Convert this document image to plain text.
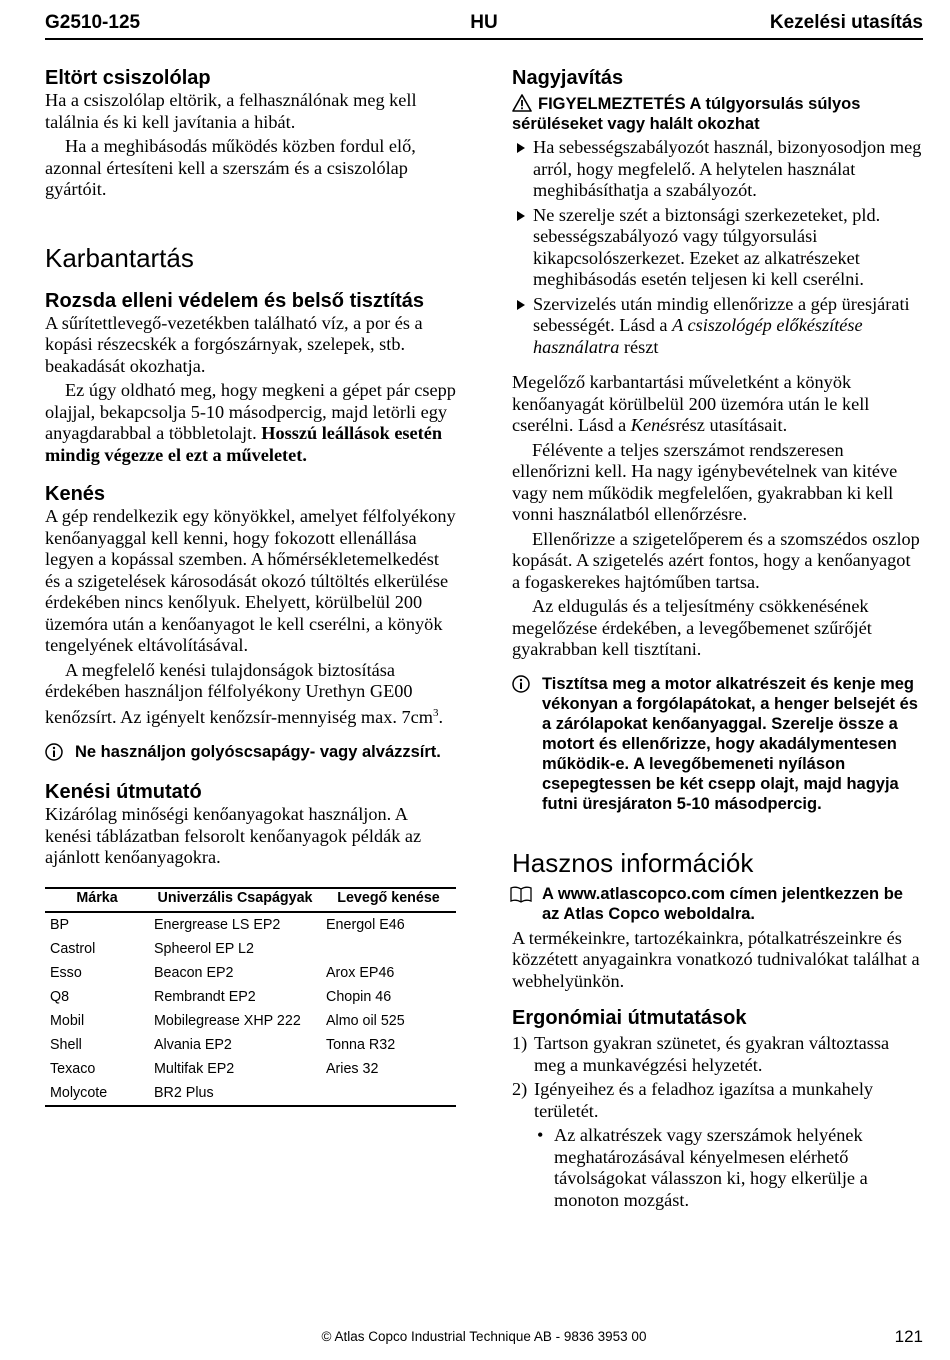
G2510-125	HU	Kezelési utasítás
Eltört csiszolólap

Ha a csiszolólap eltörik, a felhasználónak meg kell találnia és ki kell javítania a hibát.

Ha a meghibásodás működés közben fordul elő, azonnal értesíteni kell a szerszám és a csiszolólap gyártóit.

Karbantartás
Rozsda elleni védelem és belső tisztítás

A sűrítettlevegő-vezetékben található víz, a por és a kopási részecskék a forgószárnyak, szelepek, stb. beakadását okozhatja.

Ez úgy oldható meg, hogy megkeni a gépet pár csepp olajjal, bekapcsolja 5-10 másodpercig, majd letörli egy anyagdarabbal a többletolajt. Hosszú leállások esetén mindig végezze el ezt a műveletet.

Kenés

A gép rendelkezik egy könyökkel, amelyet félfolyékony kenőanyaggal kell kenni, hogy fokozott ellenállása legyen a kopással szemben. A hőmérsékletemelkedést és a szigetelések károsodását okozó túltöltés elkerülése érdekében nincs kenőlyuk. Ehelyett, körülbelül 200 üzemóra után a kenőanyagot le kell cserélni, a könyök tengelyének eltávolításával.

A megfelelő kenési tulajdonságok biztosítása érdekében használjon félfolyékony Urethyn GE00 kenőzsírt. Az igényelt kenőzsír-mennyiség max. $7cm^3$.

Ne használjon golyóscsapágy- vagy alvázzsírt.
Kenési útmutató

Kizárólag minőségi kenőanyagokat használjon. A kenési táblázatban felsorolt kenőanyagok példák az ajánlott kenőanyagokra.

Márka	Univerzális Csapágyak	Levegő kenése
BP	Energrease LS EP2	Energol E46
Castrol	Spheerol EP L2	
Esso	Beacon EP2	Arox EP46
Q8	Rembrandt EP2	Chopin 46
Mobil	Mobilegrease XHP 222	Almo oil 525
Shell	Alvania EP2	Tonna R32
Texaco	Multifak EP2	Aries 32
Molycote	BR2 Plus	
Nagyjavítás
FIGYELMEZTETÉS A túlgyorsulás súlyos sérüléseket vagy halált okozhat
Ha sebességszabályozót használ, bizonyosodjon meg arról, hogy megfelelő. A helytelen használat meghibásíthatja a szabályozót.
Ne szerelje szét a biztonsági szerkezeteket, pld. sebességszabályozó vagy túlgyorsulási kikapcsolószerkezet. Ezeket az alkatrészeket meghibásodás esetén teljesen ki kell cserélni.
Szervizelés után mindig ellenőrizze a gép üresjárati sebességét. Lásd a A csiszológép előkészítése használatra részt

Megelőző karbantartási műveletként a könyök kenőanyagát körülbelül 200 üzemóra után le kell cserélni. Lásd a Kenésrész utasításait.

Félévente a teljes szerszámot rendszeresen ellenőrizni kell. Ha nagy igénybevételnek van kitéve vagy nem működik megfelelően, gyakrabban ki kell vonni használatból ellenőrzésre.

Ellenőrizze a szigetelőperem és a szomszédos oszlop kopását. A szigetelés azért fontos, hogy a kenőanyagot a fogaskerekes hajtóműben tartsa.

Az eldugulás és a teljesítmény csökkenésének megelőzése érdekében, a levegőbemenet szűrőjét gyakrabban kell tisztítani.

Tisztítsa meg a motor alkatrészeit és kenje meg vékonyan a forgólapátokat, a henger belsejét és a zárólapokat kenőanyaggal. Szerelje össze a motort és ellenőrizze, hogy akadálymentesen működik-e. A levegőbemeneti nyíláson csepegtessen be két csepp olajt, majd hagyja futni üresjáraton 5-10 másodpercig.
Hasznos információk
A www.atlascopco.com címen jelentkezzen be az Atlas Copco weboldalra.

A termékeinkre, tartozékainkra, pótalkatrészeinkre és közzétett anyagainkra vonatkozó tudnivalókat találhat a webhelyünkön.

Ergonómiai útmutatások
1) Tartson gyakran szünetet, és gyakran változtassa meg a munkavégzési helyzetét.
2) Igényeihez és a feladhoz igazítsa a munkahely területét.
• Az alkatrészek vagy szerszámok helyének meghatározásával kényelmesen elérhető távolságokat válasszon ki, hogy elkerülje a monoton mozgást.
© Atlas Copco Industrial Technique AB - 9836 3953 00	121
